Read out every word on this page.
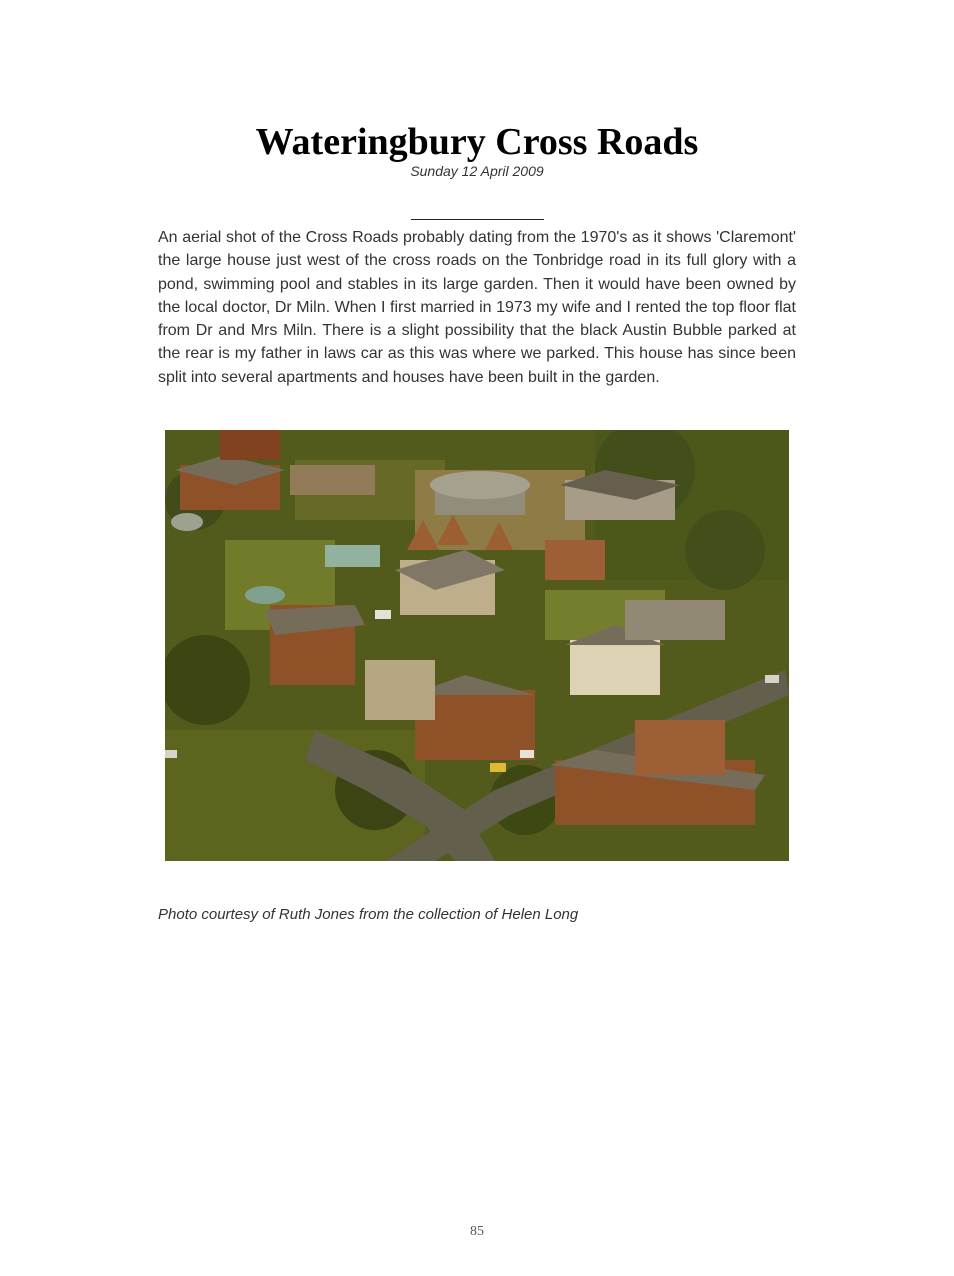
Wateringbury Cross Roads
Sunday 12 April 2009

An aerial shot of the Cross Roads probably dating from the 1970's as it shows 'Claremont' the large house just west of the cross roads on the Tonbridge road in its full glory with a pond, swimming pool and stables in its large garden. Then it would have been owned by the local doctor, Dr Miln. When I first married in 1973 my wife and I rented the top floor flat from Dr and Mrs Miln. There is a slight possibility that the black Austin Bubble parked at the rear is my father in laws car as this was where we parked. This house has since been split into several apartments and houses have been built in the garden.

Photo courtesy of Ruth Jones from the collection of Helen Long
85
